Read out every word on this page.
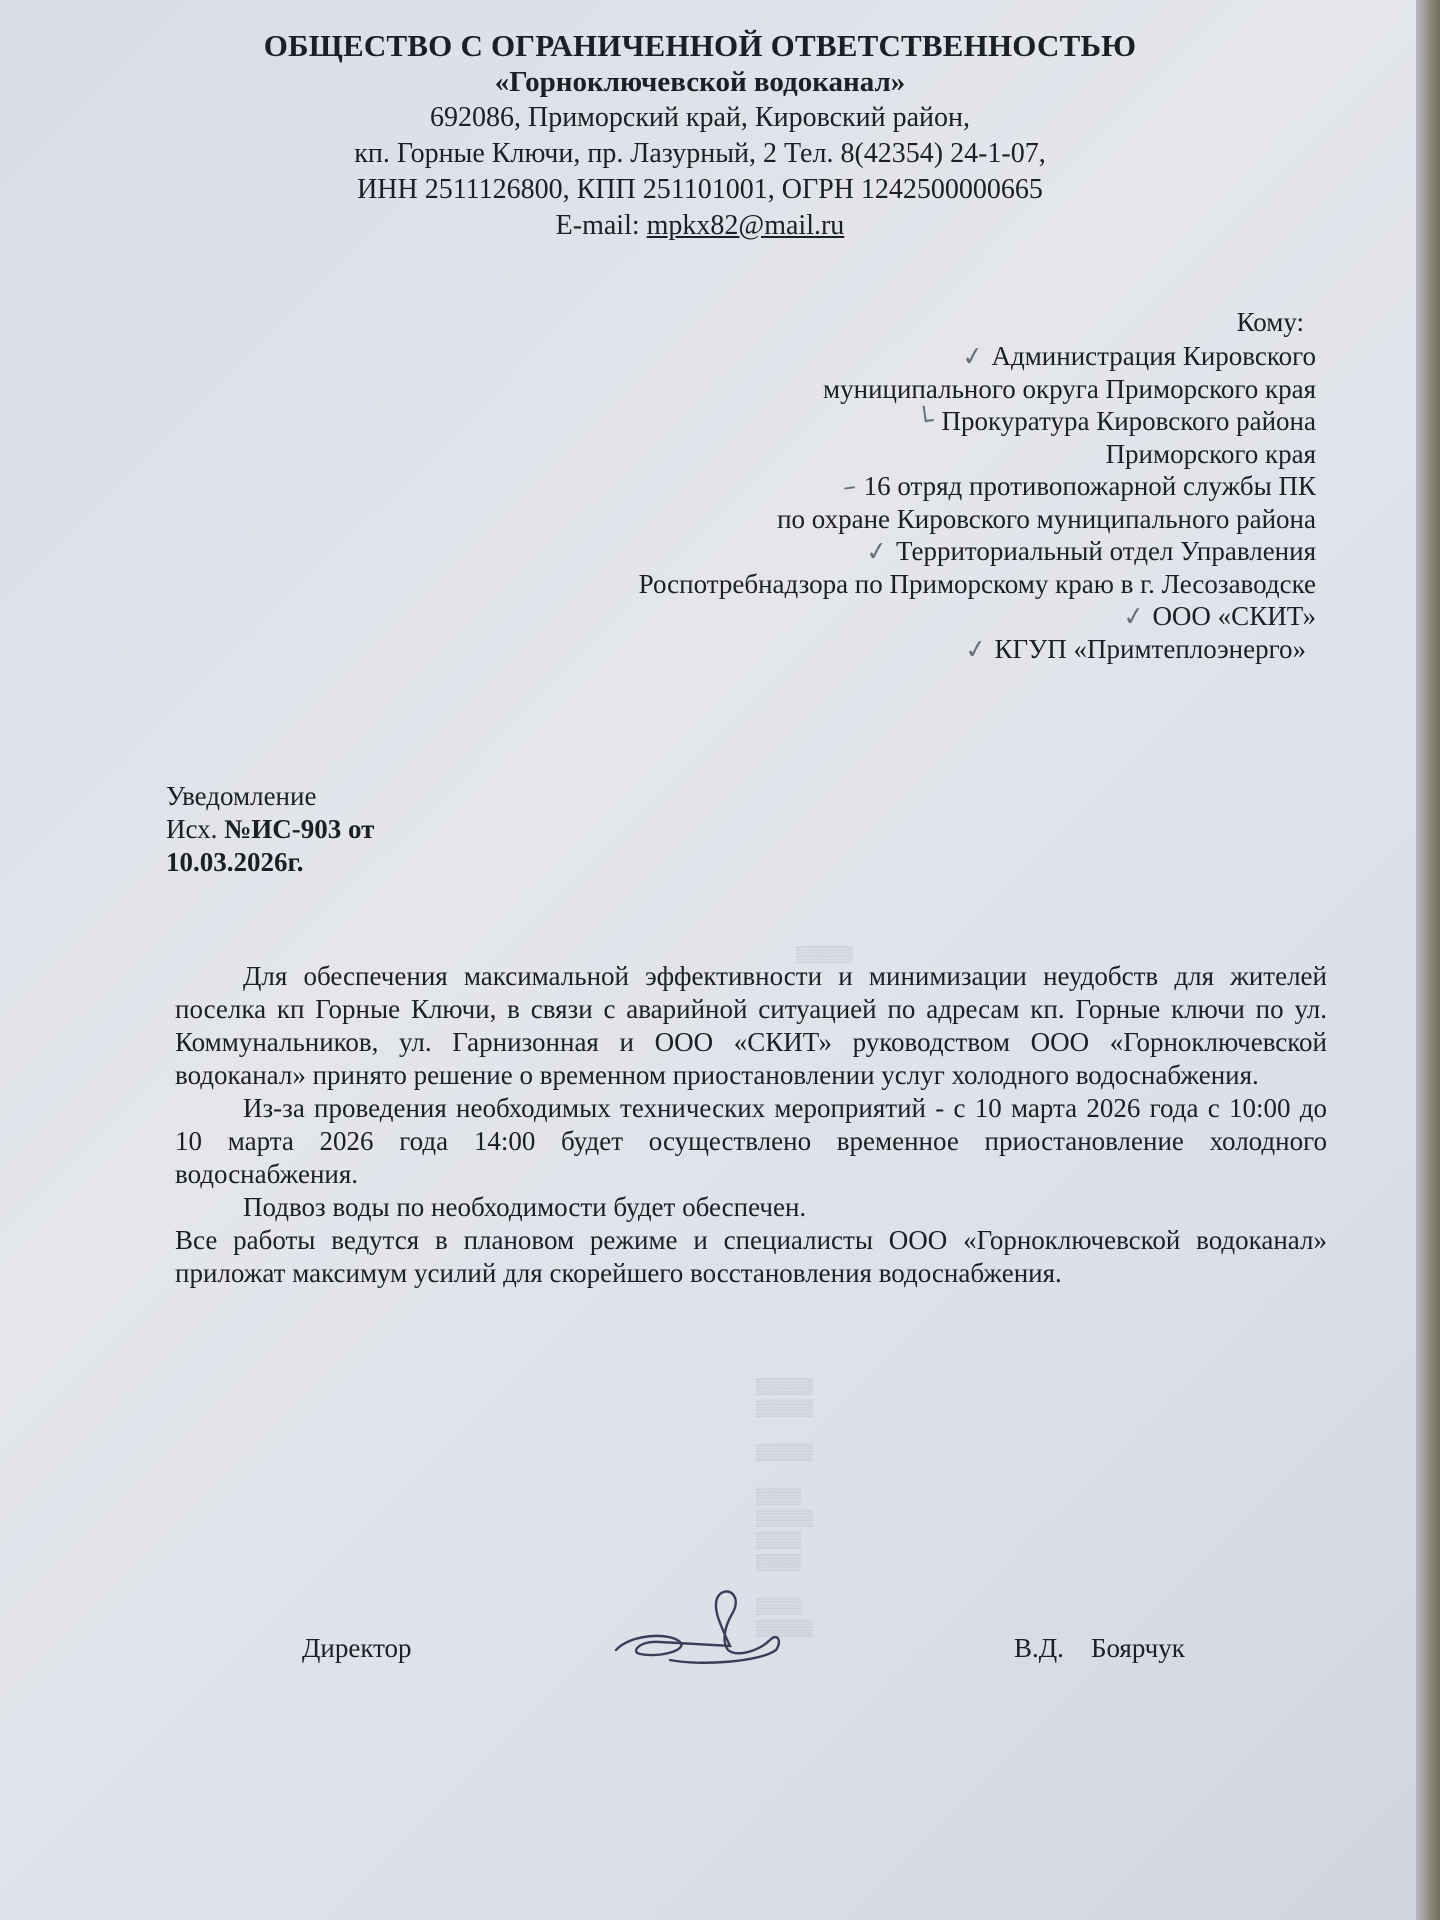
ОБЩЕСТВО С ОГРАНИЧЕННОЙ ОТВЕТСТВЕННОСТЬЮ
«Горноключевской водоканал»
692086, Приморский край, Кировский район,
кп. Горные Ключи, пр. Лазурный, 2 Тел. 8(42354) 24-1-07,
ИНН 2511126800, КПП 251101001, ОГРН 1242500000665
E-mail: mpkx82@mail.ru
Кому:
✓ Администрация Кировского
муниципального округа Приморского края
└ Прокуратура Кировского района
Приморского края
– 16 отряд противопожарной службы ПК
по охране Кировского муниципального района
✓ Территориальный отдел Управления
Роспотребнадзора по Приморскому краю в г. Лесозаводске
✓ ООО «СКИТ»
✓ КГУП «Примтеплоэнерго»
Уведомление
Исх. №ИС-903 от
10.03.2026г.
▒▒▒▒▒

Для обеспечения максимальной эффективности и минимизации неудобств для жителей поселка кп Горные Ключи, в связи с аварийной ситуацией по адресам кп. Горные ключи по ул. Коммунальников, ул. Гарнизонная и ООО «СКИТ» руководством ООО «Горноключевской водоканал» принято решение о временном приостановлении услуг холодного водоснабжения.

Из-за проведения необходимых технических мероприятий - с 10 марта 2026 года с 10:00 до 10 марта 2026 года 14:00 будет осуществлено временное приостановление холодного водоснабжения.

Подвоз воды по необходимости будет обеспечен.

Все работы ведутся в плановом режиме и специалисты ООО «Горноключевской водоканал» приложат максимум усилий для скорейшего восстановления водоснабжения.

▒▒▒▒▒
▒▒▒▒▒

▒▒▒▒▒

▒▒▒▒
▒▒▒▒▒
▒▒▒▒
▒▒▒▒

▒▒▒▒
▒▒▒▒▒
Директор	В.Д. Боярчук
